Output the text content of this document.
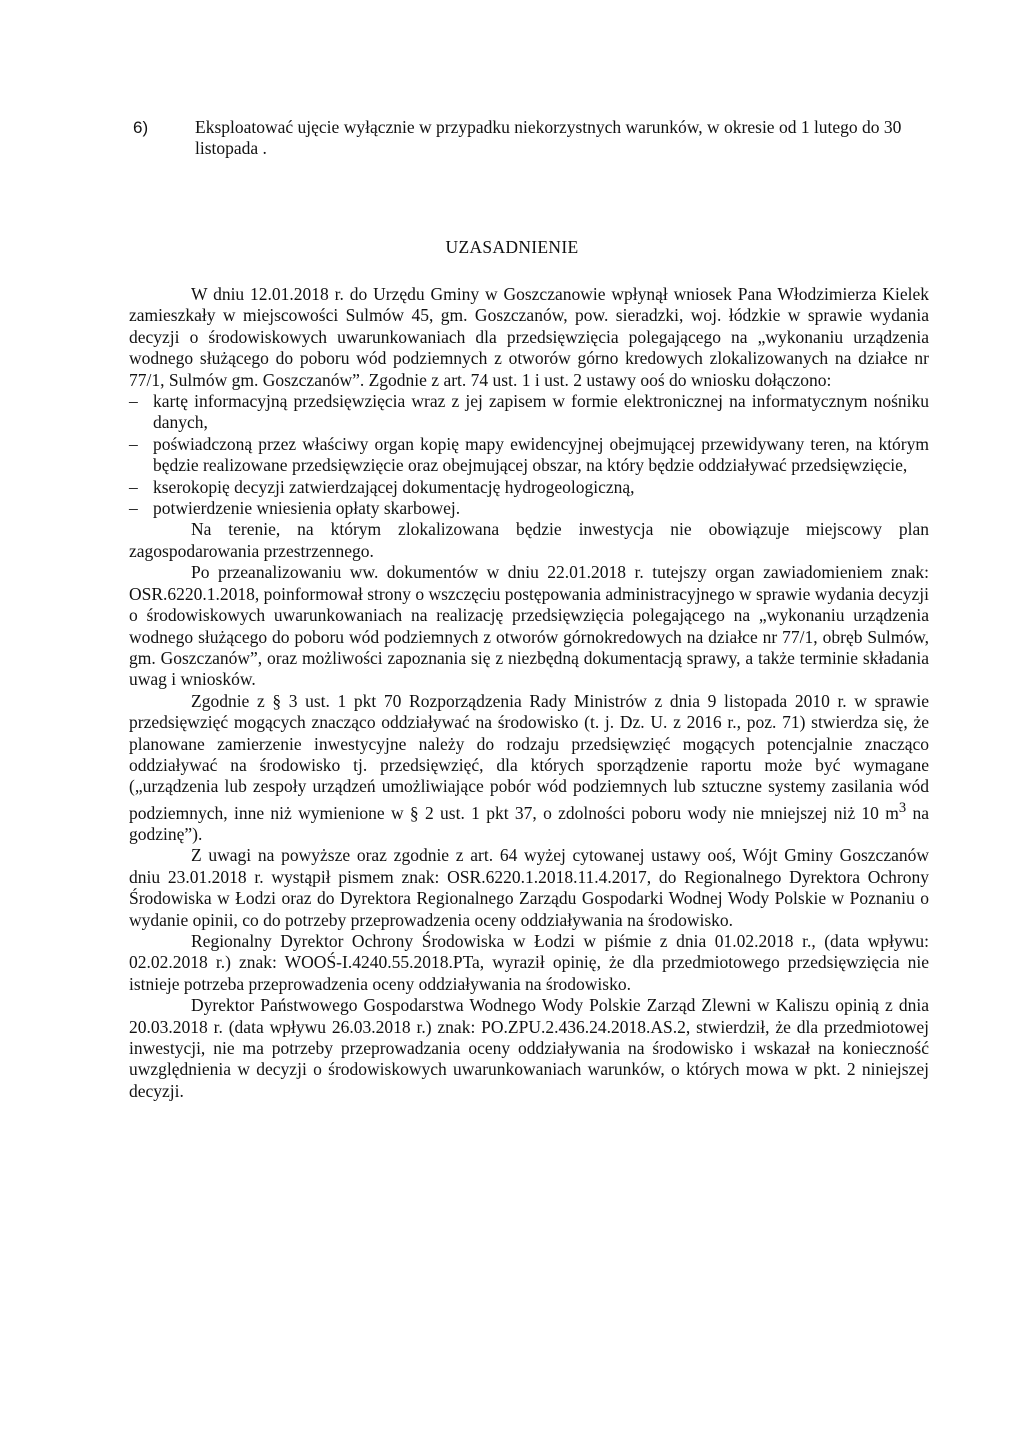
6)	Eksploatować ujęcie wyłącznie w przypadku niekorzystnych warunków, w okresie od 1 lutego do 30 listopada .
UZASADNIENIE

W dniu 12.01.2018 r. do Urzędu Gminy w Goszczanowie wpłynął wniosek Pana Włodzimierza Kielek zamieszkały w miejscowości Sulmów 45, gm. Goszczanów, pow. sieradzki, woj. łódzkie w sprawie wydania decyzji o środowiskowych uwarunkowaniach dla przedsięwzięcia polegającego na „wykonaniu urządzenia wodnego służącego do poboru wód podziemnych z otworów górno kredowych zlokalizowanych na działce nr 77/1, Sulmów gm. Goszczanów”. Zgodnie z art. 74 ust. 1 i ust. 2 ustawy ooś do wniosku dołączono:

– kartę informacyjną przedsięwzięcia wraz z jej zapisem w formie elektronicznej na informatycznym nośniku danych,
– poświadczoną przez właściwy organ kopię mapy ewidencyjnej obejmującej przewidywany teren, na którym będzie realizowane przedsięwzięcie oraz obejmującej obszar, na który będzie oddziaływać przedsięwzięcie,
– kserokopię decyzji zatwierdzającej dokumentację hydrogeologiczną,
– potwierdzenie wniesienia opłaty skarbowej.

Na terenie, na którym zlokalizowana będzie inwestycja nie obowiązuje miejscowy plan zagospodarowania przestrzennego.

Po przeanalizowaniu ww. dokumentów w dniu 22.01.2018 r. tutejszy organ zawiadomieniem znak: OSR.6220.1.2018, poinformował strony o wszczęciu postępowania administracyjnego w sprawie wydania decyzji o środowiskowych uwarunkowaniach na realizację przedsięwzięcia polegającego na „wykonaniu urządzenia wodnego służącego do poboru wód podziemnych z otworów górnokredowych na działce nr 77/1, obręb Sulmów, gm. Goszczanów”, oraz możliwości zapoznania się z niezbędną dokumentacją sprawy, a także terminie składania uwag i wniosków.

Zgodnie z § 3 ust. 1 pkt 70 Rozporządzenia Rady Ministrów z dnia 9 listopada 2010 r. w sprawie przedsięwzięć mogących znacząco oddziaływać na środowisko (t. j. Dz. U. z 2016 r., poz. 71) stwierdza się, że planowane zamierzenie inwestycyjne należy do rodzaju przedsięwzięć mogących potencjalnie znacząco oddziaływać na środowisko tj. przedsięwzięć, dla których sporządzenie raportu może być wymagane („urządzenia lub zespoły urządzeń umożliwiające pobór wód podziemnych lub sztuczne systemy zasilania wód podziemnych, inne niż wymienione w § 2 ust. 1 pkt 37, o zdolności poboru wody nie mniejszej niż 10 $m^3$ na godzinę”).

Z uwagi na powyższe oraz zgodnie z art. 64 wyżej cytowanej ustawy ooś, Wójt Gminy Goszczanów dniu 23.01.2018 r. wystąpił pismem znak: OSR.6220.1.2018.11.4.2017, do Regionalnego Dyrektora Ochrony Środowiska w Łodzi oraz do Dyrektora Regionalnego Zarządu Gospodarki Wodnej Wody Polskie w Poznaniu o wydanie opinii, co do potrzeby przeprowadzenia oceny oddziaływania na środowisko.

Regionalny Dyrektor Ochrony Środowiska w Łodzi w piśmie z dnia 01.02.2018 r., (data wpływu: 02.02.2018 r.) znak: WOOŚ-I.4240.55.2018.PTa, wyraził opinię, że dla przedmiotowego przedsięwzięcia nie istnieje potrzeba przeprowadzenia oceny oddziaływania na środowisko.

Dyrektor Państwowego Gospodarstwa Wodnego Wody Polskie Zarząd Zlewni w Kaliszu opinią z dnia 20.03.2018 r. (data wpływu 26.03.2018 r.) znak: PO.ZPU.2.436.24.2018.AS.2, stwierdził, że dla przedmiotowej inwestycji, nie ma potrzeby przeprowadzania oceny oddziaływania na środowisko i wskazał na konieczność uwzględnienia w decyzji o środowiskowych uwarunkowaniach warunków, o których mowa w pkt. 2 niniejszej decyzji.
